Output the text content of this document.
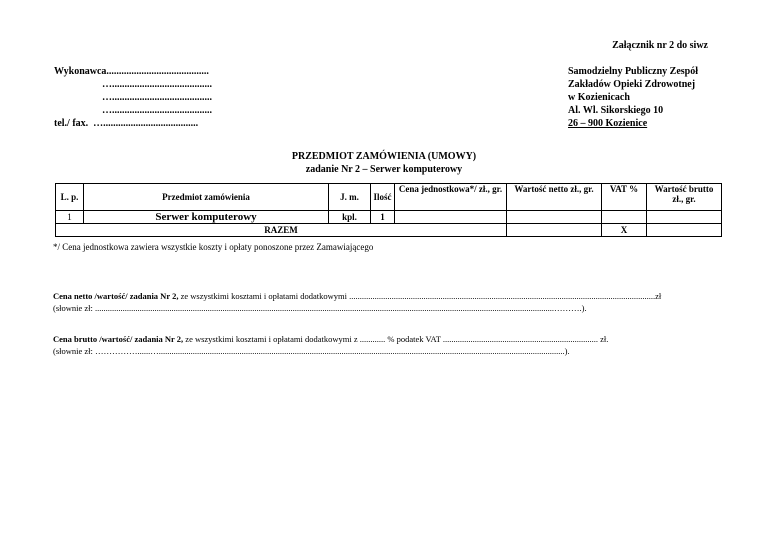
Załącznik nr 2 do siwz
Wykonawca.........................................
…........................................
…........................................
…........................................
tel./ fax. …......................................
Samodzielny Publiczny Zespół
Zakładów Opieki Zdrowotnej
w Kozienicach
Al. Wl. Sikorskiego 10
26 – 900 Kozienice
PRZEDMIOT ZAMÓWIENIA (UMOWY)
zadanie Nr 2 – Serwer komputerowy
L. p.	Przedmiot zamówienia	J. m.	Ilość	Cena jednostkowa*/ zł., gr.	Wartość netto zł., gr.	VAT %	Wartość brutto zł., gr.
1	Serwer komputerowy	kpl.	1				
RAZEM						X	
*/ Cena jednostkowa zawiera wszystkie koszty i opłaty ponoszone przez Zamawiającego
Cena netto /wartość/ zadania Nr 2, ze wszystkimi kosztami i opłatami dodatkowymi ................................................................................................................................................zł
(słownie zł: ........................................................................................................................................................................................................................……….).
Cena brutto /wartość/ zadania Nr 2, ze wszystkimi kosztami i opłatami dodatkowymi z ............ % podatek VAT ......................................................................... zł.
(słownie zł: ……………......…...............................................................................................................................................................................................).
